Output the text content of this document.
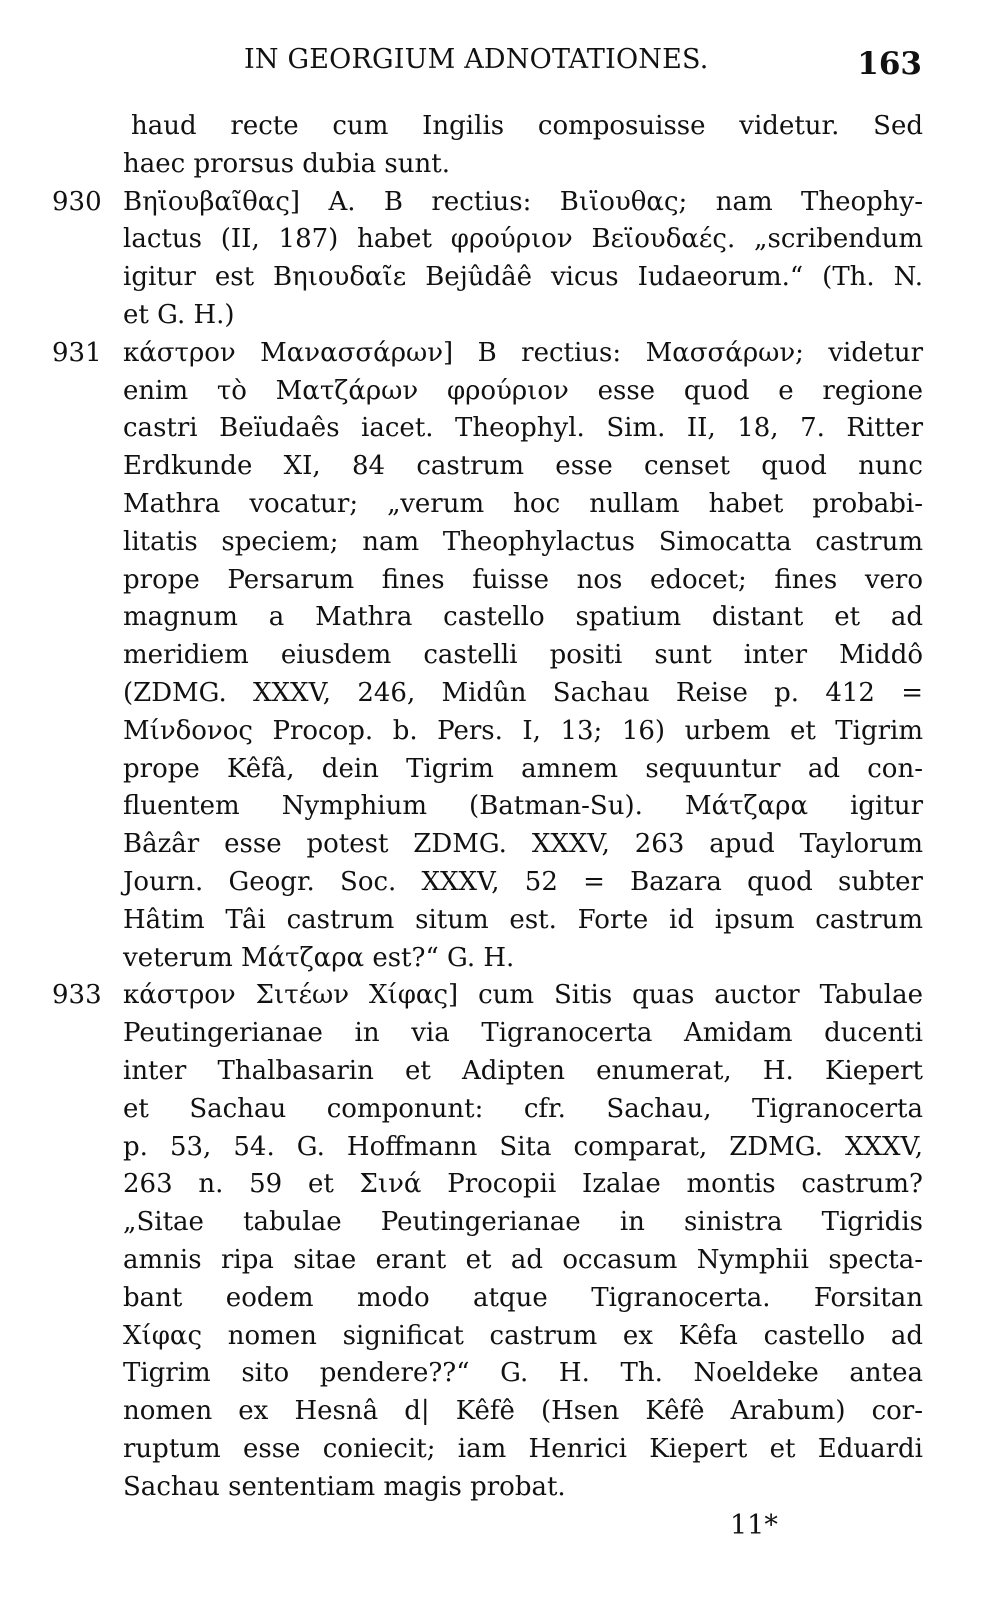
IN GEORGIUM ADNOTATIONES.	163
haud recte cum Ingilis composuisse videtur. Sed
haec prorsus dubia sunt.
930 Βηϊουβαῖθας] A. B rectius: Βιϊουθας; nam Theophy-
lactus (II, 187) habet φρούριον Βεϊουδαές. „scribendum
igitur est Βηιουδαῖε Bejûdâê vicus Iudaeorum.“ (Th. N.
et G. H.)
931 κάστρον Μανασσάρων] B rectius: Μασσάρων; videtur
enim τὸ Ματζάρων φρούριον esse quod e regione
castri Beïudaês iacet. Theophyl. Sim. II, 18, 7. Ritter
Erdkunde XI, 84 castrum esse censet quod nunc
Mathra vocatur; „verum hoc nullam habet probabi-
litatis speciem; nam Theophylactus Simocatta castrum
prope Persarum fines fuisse nos edocet; fines vero
magnum a Mathra castello spatium distant et ad
meridiem eiusdem castelli positi sunt inter Middô
(ZDMG. XXXV, 246, Midûn Sachau Reise p. 412 =
Μίνδονος Procop. b. Pers. I, 13; 16) urbem et Tigrim
prope Kêfâ, dein Tigrim amnem sequuntur ad con-
fluentem Nymphium (Batman-Su). Μάτζαρα igitur
Bâzâr esse potest ZDMG. XXXV, 263 apud Taylorum
Journ. Geogr. Soc. XXXV, 52 = Bazara quod subter
Hâtim Tâi castrum situm est. Forte id ipsum castrum
veterum Μάτζαρα est?“ G. H.
933 κάστρον Σιτέων Χίφας] cum Sitis quas auctor Tabulae
Peutingerianae in via Tigranocerta Amidam ducenti
inter Thalbasarin et Adipten enumerat, H. Kiepert
et Sachau componunt: cfr. Sachau, Tigranocerta
p. 53, 54. G. Hoffmann Sita comparat, ZDMG. XXXV,
263 n. 59 et Σινά Procopii Izalae montis castrum?
„Sitae tabulae Peutingerianae in sinistra Tigridis
amnis ripa sitae erant et ad occasum Nymphii specta-
bant eodem modo atque Tigranocerta. Forsitan
Χίφας nomen significat castrum ex Kêfa castello ad
Tigrim sito pendere??“ G. H. Th. Noeldeke antea
nomen ex Hesnâ d| Kêfê (Hsen Kêfê Arabum) cor-
ruptum esse coniecit; iam Henrici Kiepert et Eduardi
Sachau sententiam magis probat.
11*
